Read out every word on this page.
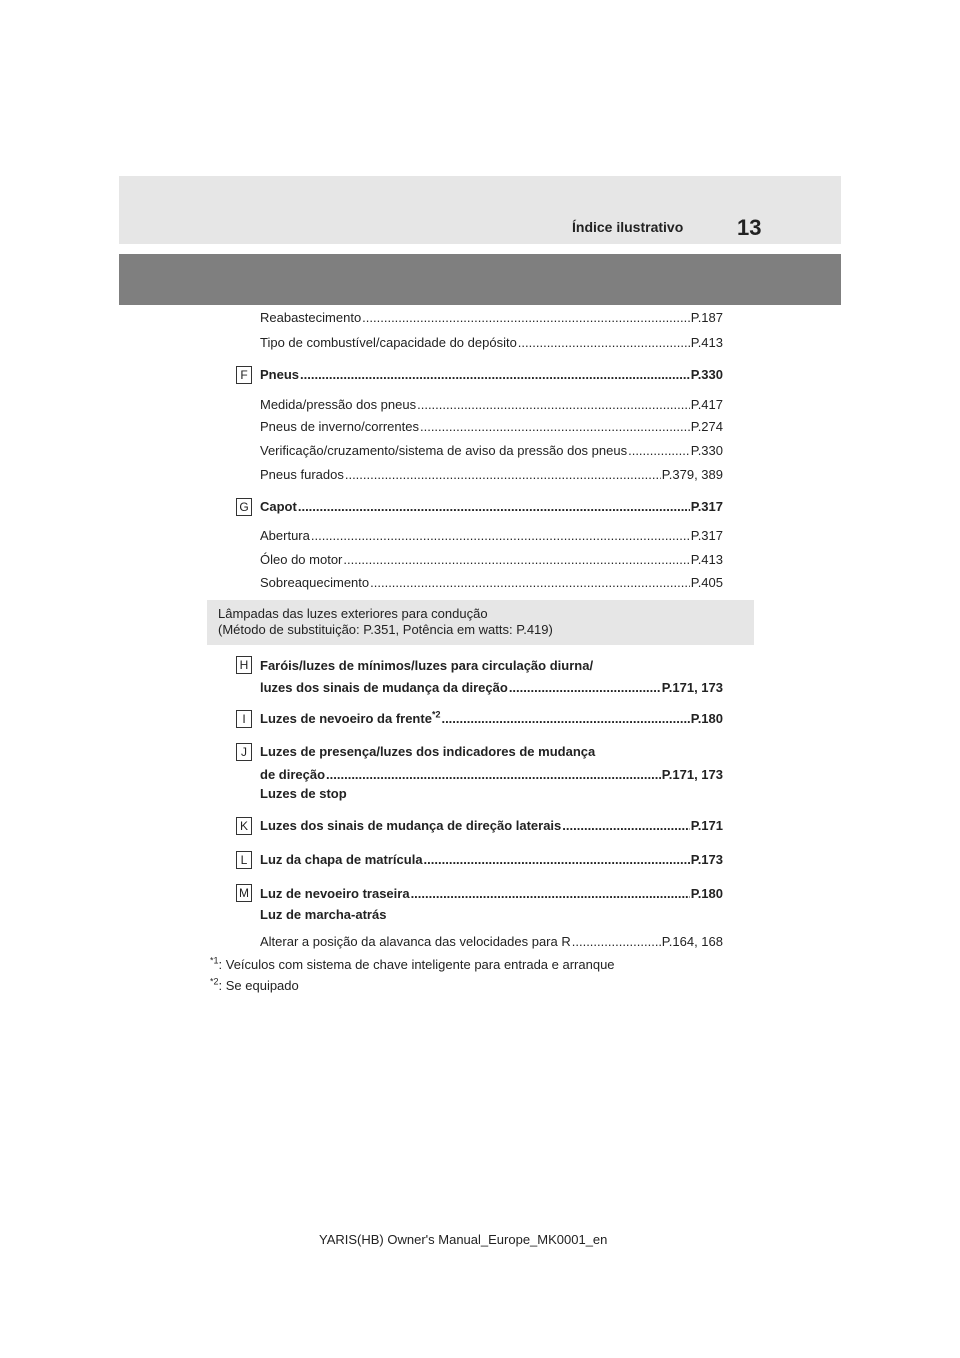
Índice ilustrativo 13
Reabastecimento .....	P.187
Tipo de combustível/capacidade do depósito .....	P.413
F Pneus .....	P.330
Medida/pressão dos pneus .....	P.417
Pneus de inverno/correntes .....	P.274
Verificação/cruzamento/sistema de aviso da pressão dos pneus .....	P.330
Pneus furados .....	P.379, 389
G Capot .....	P.317
Abertura .....	P.317
Óleo do motor .....	P.413
Sobreaquecimento .....	P.405
Lâmpadas das luzes exteriores para condução
(Método de substituição: P.351, Potência em watts: P.419)
H Faróis/luzes de mínimos/luzes para circulação diurna/
luzes dos sinais de mudança da direção .....	P.171, 173
I	Luzes de nevoeiro da frente$^{*2}$ .....	P.180
J	Luzes de presença/luzes dos indicadores de mudança
de direção .....	P.171, 173
Luzes de stop
K Luzes dos sinais de mudança de direção laterais .....	P.171
L Luz da chapa de matrícula .....	P.173
M Luz de nevoeiro traseira .....	P.180
Luz de marcha-atrás
Alterar a posição da alavanca das velocidades para R .....	P.164, 168
$^{*1}$: Veículos com sistema de chave inteligente para entrada e arranque
$^{*2}$: Se equipado
YARIS(HB) Owner's Manual_Europe_MK0001_en
